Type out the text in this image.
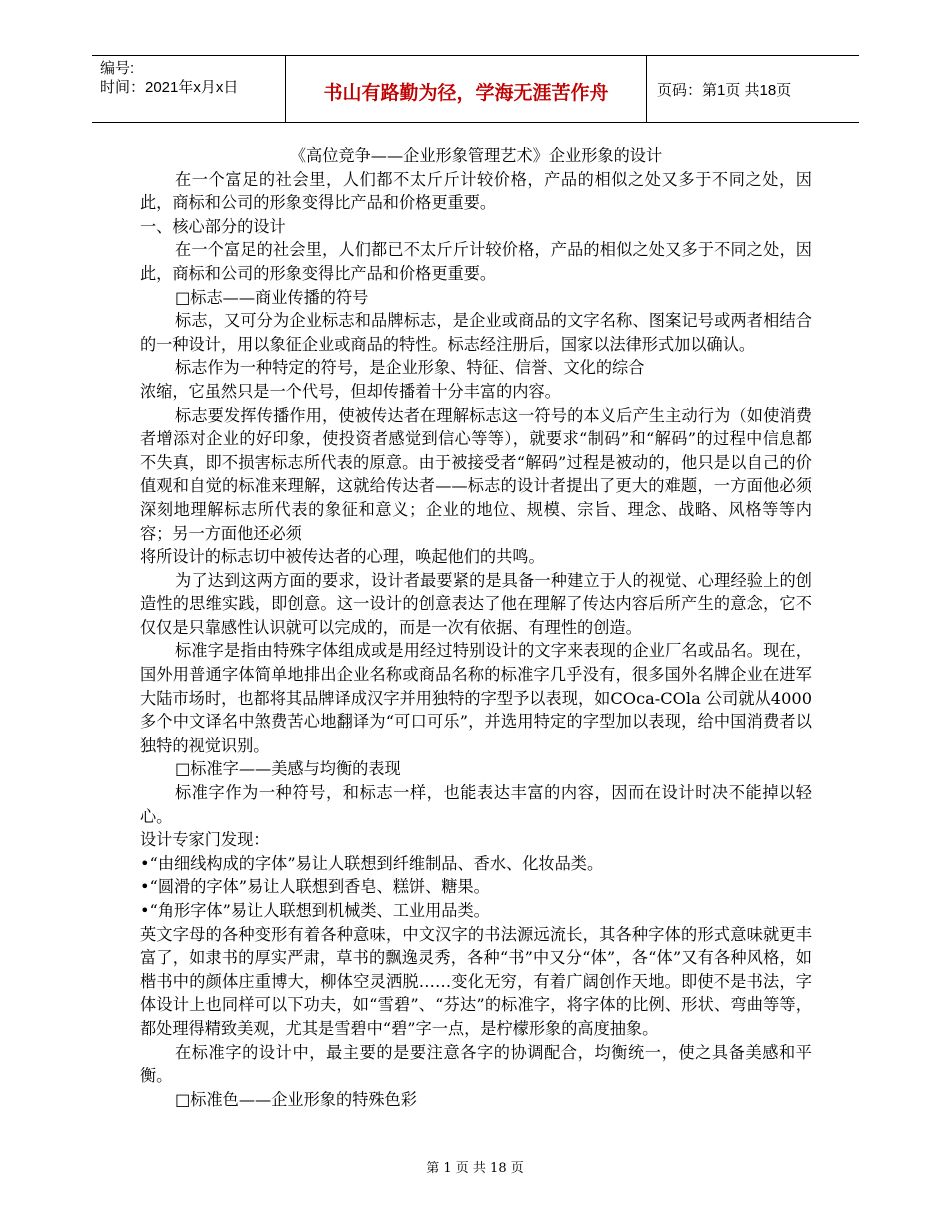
编号:
时间：2021年x月x日	书山有路勤为径，学海无涯苦作舟	页码：第1页 共18页

《高位竞争——企业形象管理艺术》企业形象的设计

在一个富足的社会里，人们都不太斤斤计较价格，产品的相似之处又多于不同之处，因此，商标和公司的形象变得比产品和价格更重要。

一、核心部分的设计

在一个富足的社会里，人们都已不太斤斤计较价格，产品的相似之处又多于不同之处，因此，商标和公司的形象变得比产品和价格更重要。

□标志——商业传播的符号

标志，又可分为企业标志和品牌标志，是企业或商品的文字名称、图案记号或两者相结合的一种设计，用以象征企业或商品的特性。标志经注册后，国家以法律形式加以确认。

标志作为一种特定的符号，是企业形象、特征、信誉、文化的综合

浓缩，它虽然只是一个代号，但却传播着十分丰富的内容。

标志要发挥传播作用，使被传达者在理解标志这一符号的本义后产生主动行为（如使消费者增添对企业的好印象，使投资者感觉到信心等等），就要求“制码”和“解码”的过程中信息都不失真，即不损害标志所代表的原意。由于被接受者“解码”过程是被动的，他只是以自己的价值观和自觉的标准来理解，这就给传达者——标志的设计者提出了更大的难题，一方面他必须深刻地理解标志所代表的象征和意义；企业的地位、规模、宗旨、理念、战略、风格等等内容；另一方面他还必须

将所设计的标志切中被传达者的心理，唤起他们的共鸣。

为了达到这两方面的要求，设计者最要紧的是具备一种建立于人的视觉、心理经验上的创造性的思维实践，即创意。这一设计的创意表达了他在理解了传达内容后所产生的意念，它不仅仅是只靠感性认识就可以完成的，而是一次有依据、有理性的创造。

标准字是指由特殊字体组成或是用经过特别设计的文字来表现的企业厂名或品名。现在，国外用普通字体简单地排出企业名称或商品名称的标准字几乎没有，很多国外名牌企业在进军大陆市场时，也都将其品牌译成汉字并用独特的字型予以表现，如COca-COla 公司就从4000 多个中文译名中煞费苦心地翻译为“可口可乐”，并选用特定的字型加以表现，给中国消费者以独特的视觉识别。

□标准字——美感与均衡的表现

标准字作为一种符号，和标志一样，也能表达丰富的内容，因而在设计时决不能掉以轻心。

设计专家门发现：

•“由细线构成的字体”易让人联想到纤维制品、香水、化妆品类。

•“圆滑的字体”易让人联想到香皂、糕饼、糖果。

•“角形字体”易让人联想到机械类、工业用品类。

英文字母的各种变形有着各种意味，中文汉字的书法源远流长，其各种字体的形式意味就更丰富了，如隶书的厚实严肃，草书的飘逸灵秀，各种“书”中又分“体”，各“体”又有各种风格，如楷书中的颜体庄重博大，柳体空灵洒脱……变化无穷，有着广阔创作天地。即使不是书法，字体设计上也同样可以下功夫，如“雪碧”、“芬达”的标准字，将字体的比例、形状、弯曲等等，都处理得精致美观，尤其是雪碧中“碧”字一点，是柠檬形象的高度抽象。

在标准字的设计中，最主要的是要注意各字的协调配合，均衡统一，使之具备美感和平衡。

□标准色——企业形象的特殊色彩

第 1 页 共 18 页
